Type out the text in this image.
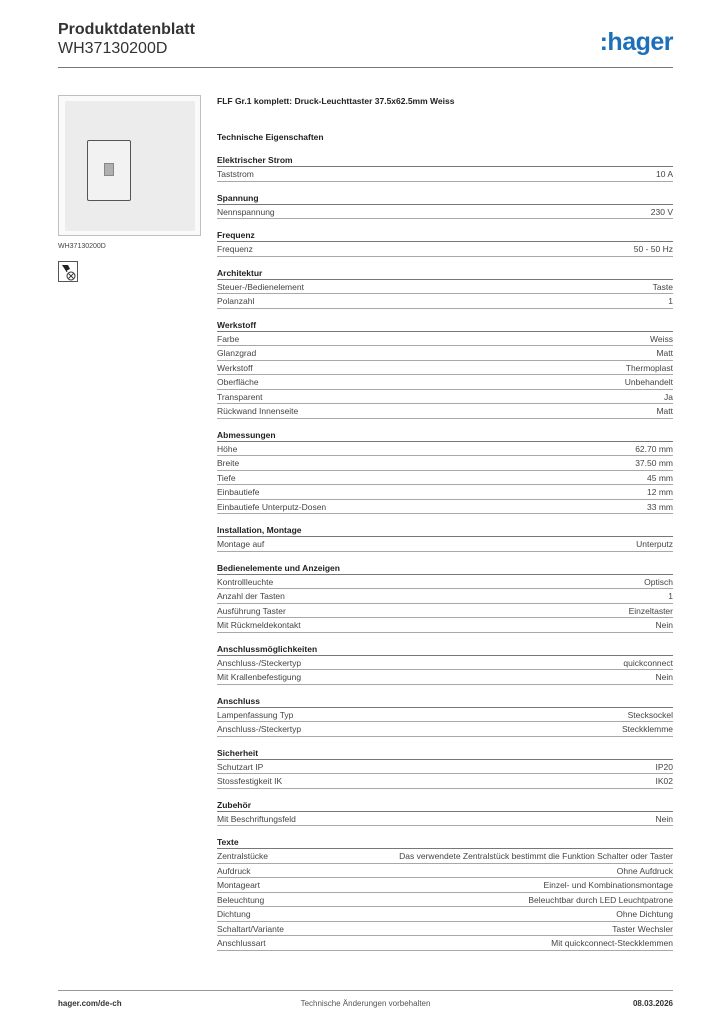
Produktdatenblatt
WH37130200D	:hager
WH37130200D
FLF Gr.1 komplett: Druck-Leuchttaster 37.5x62.5mm Weiss
Technische Eigenschaften
Elektrischer Strom
Taststrom	10 A
Spannung
Nennspannung	230 V
Frequenz
Frequenz	50 - 50 Hz
Architektur
Steuer-/Bedienelement	Taste
Polanzahl	1
Werkstoff
Farbe	Weiss
Glanzgrad	Matt
Werkstoff	Thermoplast
Oberfläche	Unbehandelt
Transparent	Ja
Rückwand Innenseite	Matt
Abmessungen
Höhe	62.70 mm
Breite	37.50 mm
Tiefe	45 mm
Einbautiefe	12 mm
Einbautiefe Unterputz-Dosen	33 mm
Installation, Montage
Montage auf	Unterputz
Bedienelemente und Anzeigen
Kontrollleuchte	Optisch
Anzahl der Tasten	1
Ausführung Taster	Einzeltaster
Mit Rückmeldekontakt	Nein
Anschlussmöglichkeiten
Anschluss-/Steckertyp	quickconnect
Mit Krallenbefestigung	Nein
Anschluss
Lampenfassung Typ	Stecksockel
Anschluss-/Steckertyp	Steckklemme
Sicherheit
Schutzart IP	IP20
Stossfestigkeit IK	IK02
Zubehör
Mit Beschriftungsfeld	Nein
Texte
Zentralstücke	Das verwendete Zentralstück bestimmt die Funktion Schalter oder Taster
Aufdruck	Ohne Aufdruck
Montageart	Einzel- und Kombinationsmontage
Beleuchtung	Beleuchtbar durch LED Leuchtpatrone
Dichtung	Ohne Dichtung
Schaltart/Variante	Taster Wechsler
Anschlussart	Mit quickconnect-Steckklemmen
Technische Änderungen vorbehalten
hager.com/de-ch	08.03.2026
